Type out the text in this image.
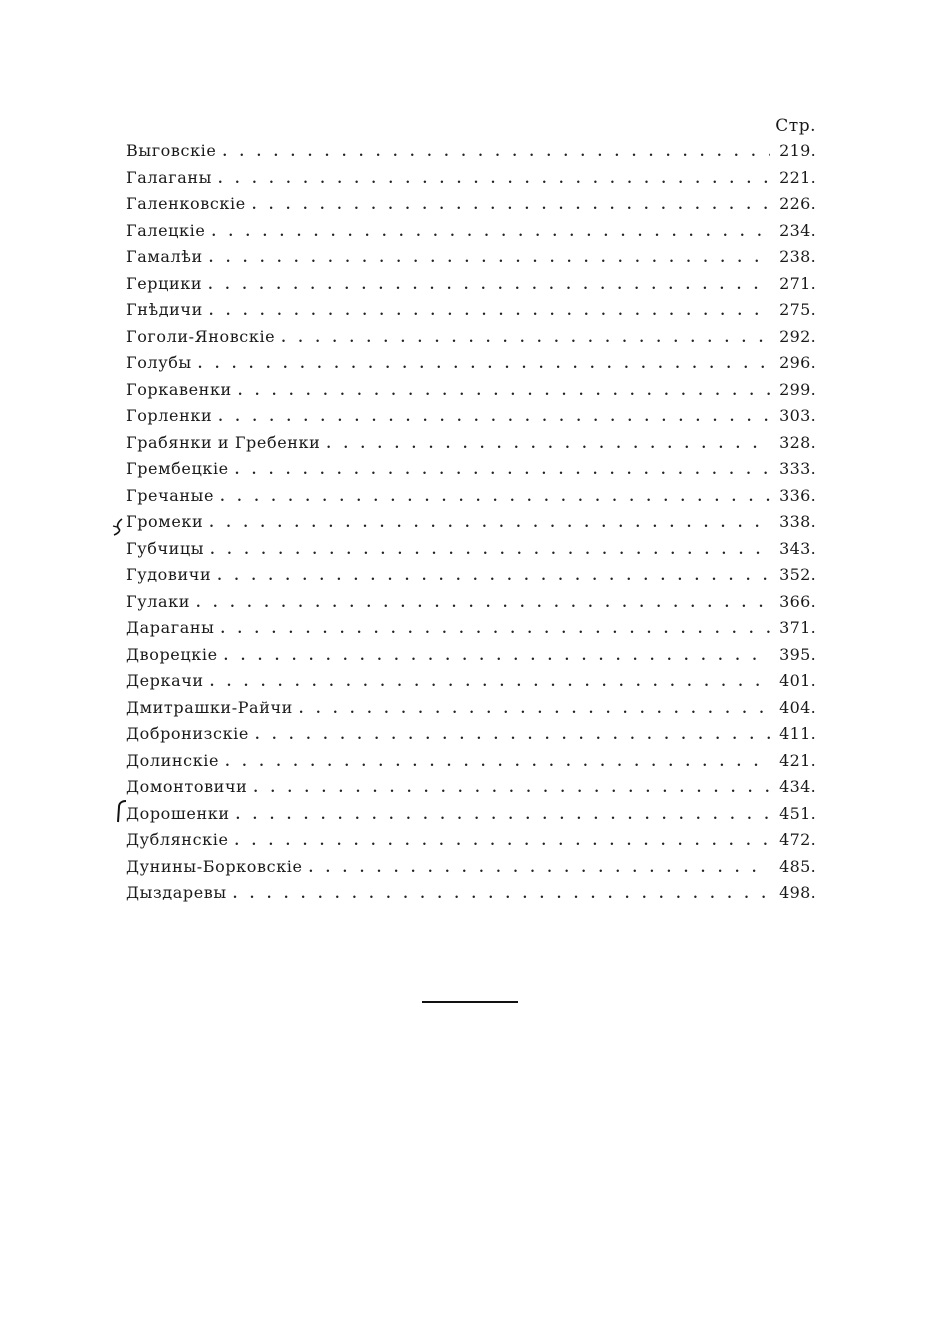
Стр.
Выговскіе . . .	219.
Галаганы . . .	221.
Галенковскіе . . .	226.
Галецкіе . . .	234.
Гамалѣи . . .	238.
Герцики . . .	271.
Гнѣдичи . . .	275.
Гоголи-Яновскіе . . .	292.
Голубы . . .	296.
Горкавенки . . .	299.
Горленки . . .	303.
Грабянки и Гребенки . . .	328.
Грембецкіе . . .	333.
Гречаные . . .	336.
Громеки . . .	338.
Губчицы . . .	343.
Гудовичи . . .	352.
Гулаки . . .	366.
Дараганы . . .	371.
Дворецкіе . . .	395.
Деркачи . . .	401.
Дмитрашки-Райчи . . .	404.
Добронизскіе . . .	411.
Долинскіе . . .	421.
Домонтовичи . . .	434.
Дорошенки . . .	451.
Дублянскіе . . .	472.
Дунины-Борковскіе . . .	485.
Дыздаревы . . .	498.
